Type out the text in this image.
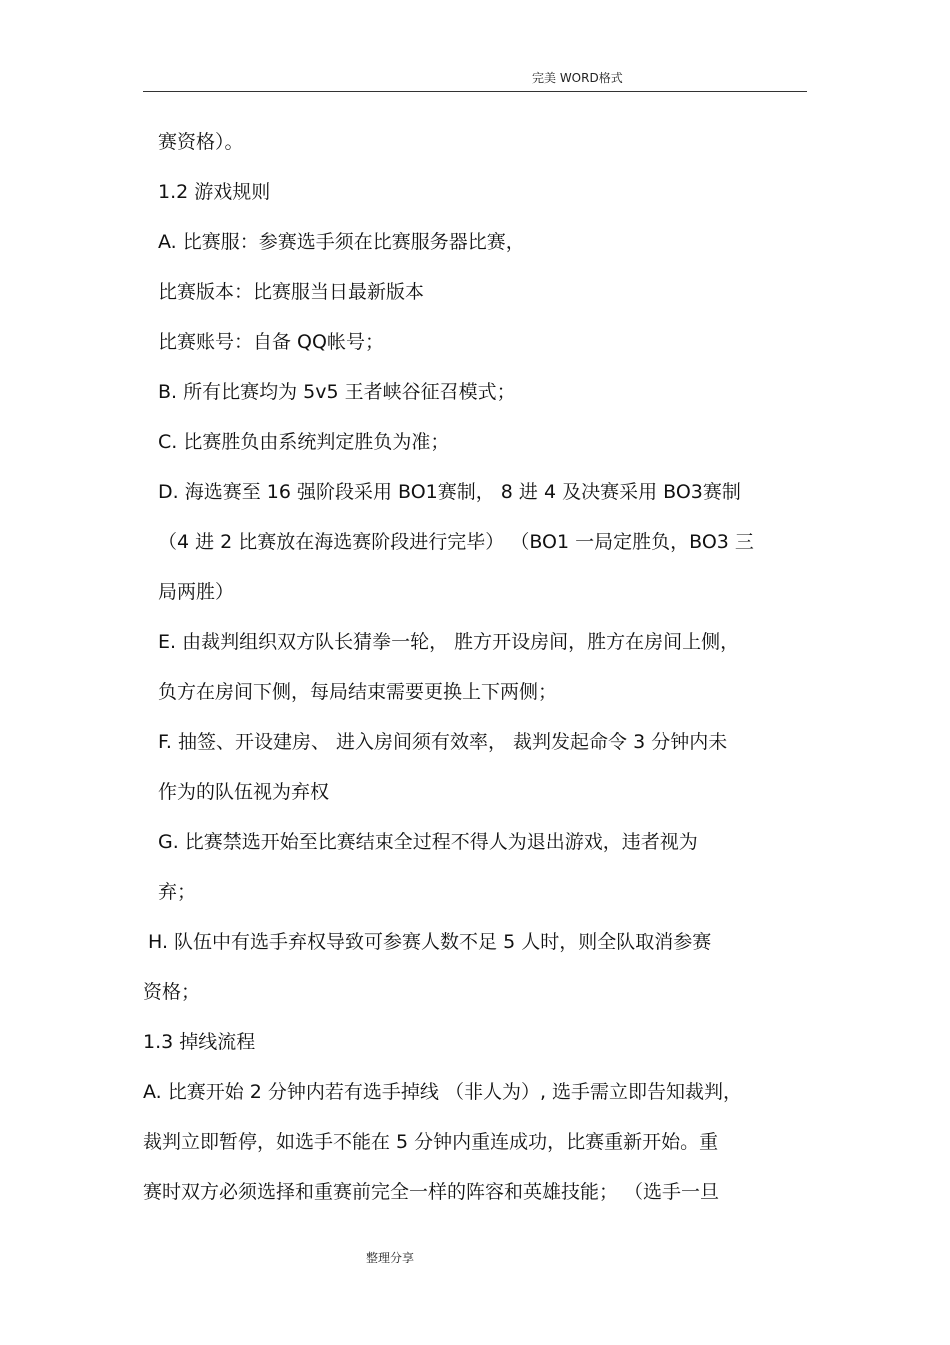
完美 WORD格式
赛资格）。
1.2 游戏规则
A. 比赛服：参赛选手须在比赛服务器比赛，
比赛版本：比赛服当日最新版本
比赛账号：自备 QQ帐号；
B. 所有比赛均为 5v5 王者峡谷征召模式；
C. 比赛胜负由系统判定胜负为准；
D. 海选赛至 16 强阶段采用 BO1赛制， 8 进 4 及决赛采用 BO3赛制
（4 进 2 比赛放在海选赛阶段进行完毕） （BO1 一局定胜负，BO3 三
局两胜）
E. 由裁判组织双方队长猜拳一轮， 胜方开设房间，胜方在房间上侧，
负方在房间下侧，每局结束需要更换上下两侧；
F. 抽签、开设建房、 进入房间须有效率， 裁判发起命令 3 分钟内未
作为的队伍视为弃权
G. 比赛禁选开始至比赛结束全过程不得人为退出游戏，违者视为
弃；
H. 队伍中有选手弃权导致可参赛人数不足 5 人时，则全队取消参赛
资格；
1.3 掉线流程
A. 比赛开始 2 分钟内若有选手掉线 （非人为）, 选手需立即告知裁判，
裁判立即暂停，如选手不能在 5 分钟内重连成功，比赛重新开始。重
赛时双方必须选择和重赛前完全一样的阵容和英雄技能； （选手一旦
整理分享
